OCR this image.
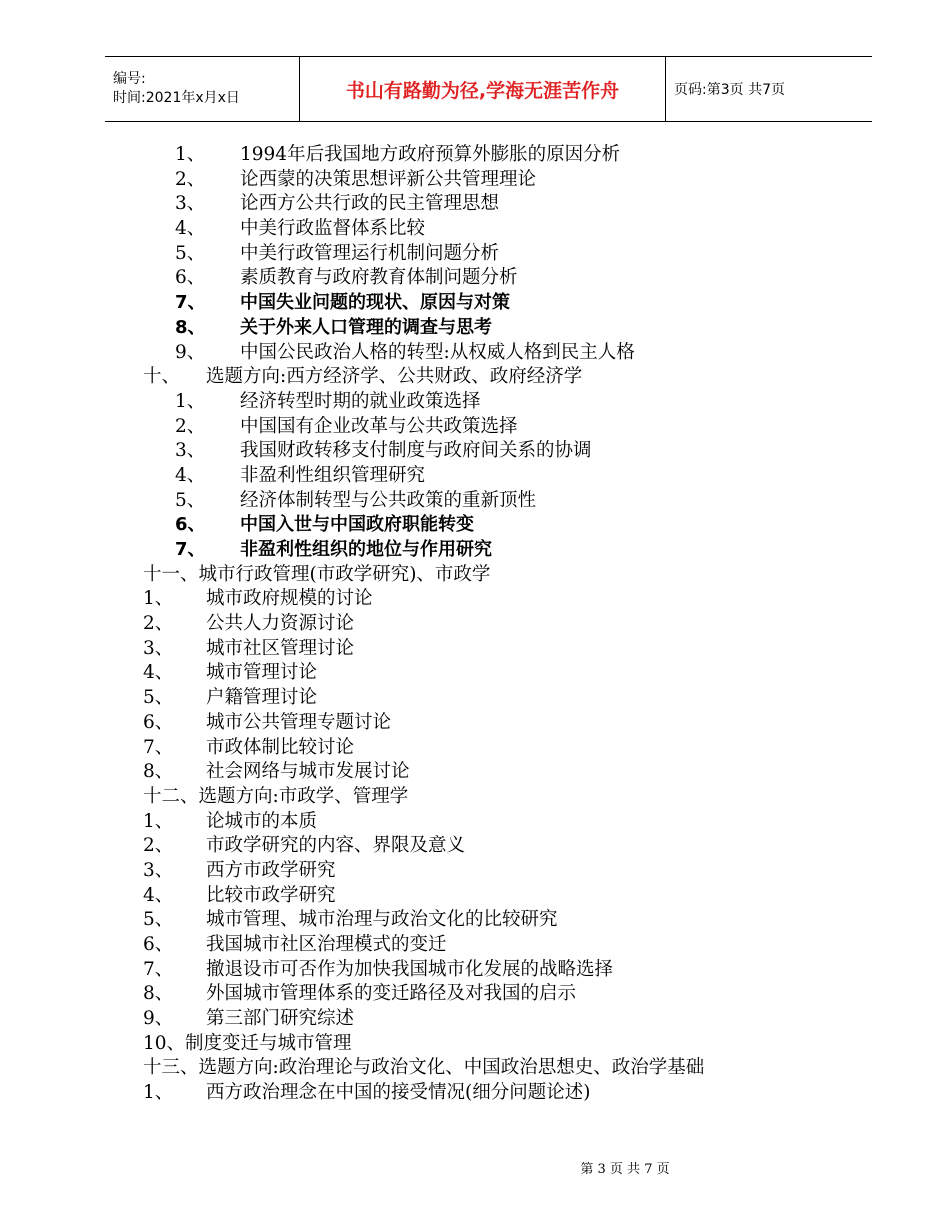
编号:
时间:2021年x月x日	书山有路勤为径,学海无涯苦作舟	页码:第3页 共7页
1、 1994年后我国地方政府预算外膨胀的原因分析
2、 论西蒙的决策思想评新公共管理理论
3、 论西方公共行政的民主管理思想
4、 中美行政监督体系比较
5、 中美行政管理运行机制问题分析
6、 素质教育与政府教育体制问题分析
7、 中国失业问题的现状、原因与对策
8、 关于外来人口管理的调查与思考
9、 中国公民政治人格的转型:从权威人格到民主人格
十、 选题方向:西方经济学、公共财政、政府经济学
1、 经济转型时期的就业政策选择
2、 中国国有企业改革与公共政策选择
3、 我国财政转移支付制度与政府间关系的协调
4、 非盈利性组织管理研究
5、 经济体制转型与公共政策的重新顶性
6、 中国入世与中国政府职能转变
7、 非盈利性组织的地位与作用研究
十一、城市行政管理(市政学研究)、市政学
1、 城市政府规模的讨论
2、 公共人力资源讨论
3、 城市社区管理讨论
4、 城市管理讨论
5、 户籍管理讨论
6、 城市公共管理专题讨论
7、 市政体制比较讨论
8、 社会网络与城市发展讨论
十二、选题方向:市政学、管理学
1、 论城市的本质
2、 市政学研究的内容、界限及意义
3、 西方市政学研究
4、 比较市政学研究
5、 城市管理、城市治理与政治文化的比较研究
6、 我国城市社区治理模式的变迁
7、 撤退设市可否作为加快我国城市化发展的战略选择
8、 外国城市管理体系的变迁路径及对我国的启示
9、 第三部门研究综述
10、制度变迁与城市管理
十三、选题方向:政治理论与政治文化、中国政治思想史、政治学基础
1、 西方政治理念在中国的接受情况(细分问题论述)
第 3 页 共 7 页
